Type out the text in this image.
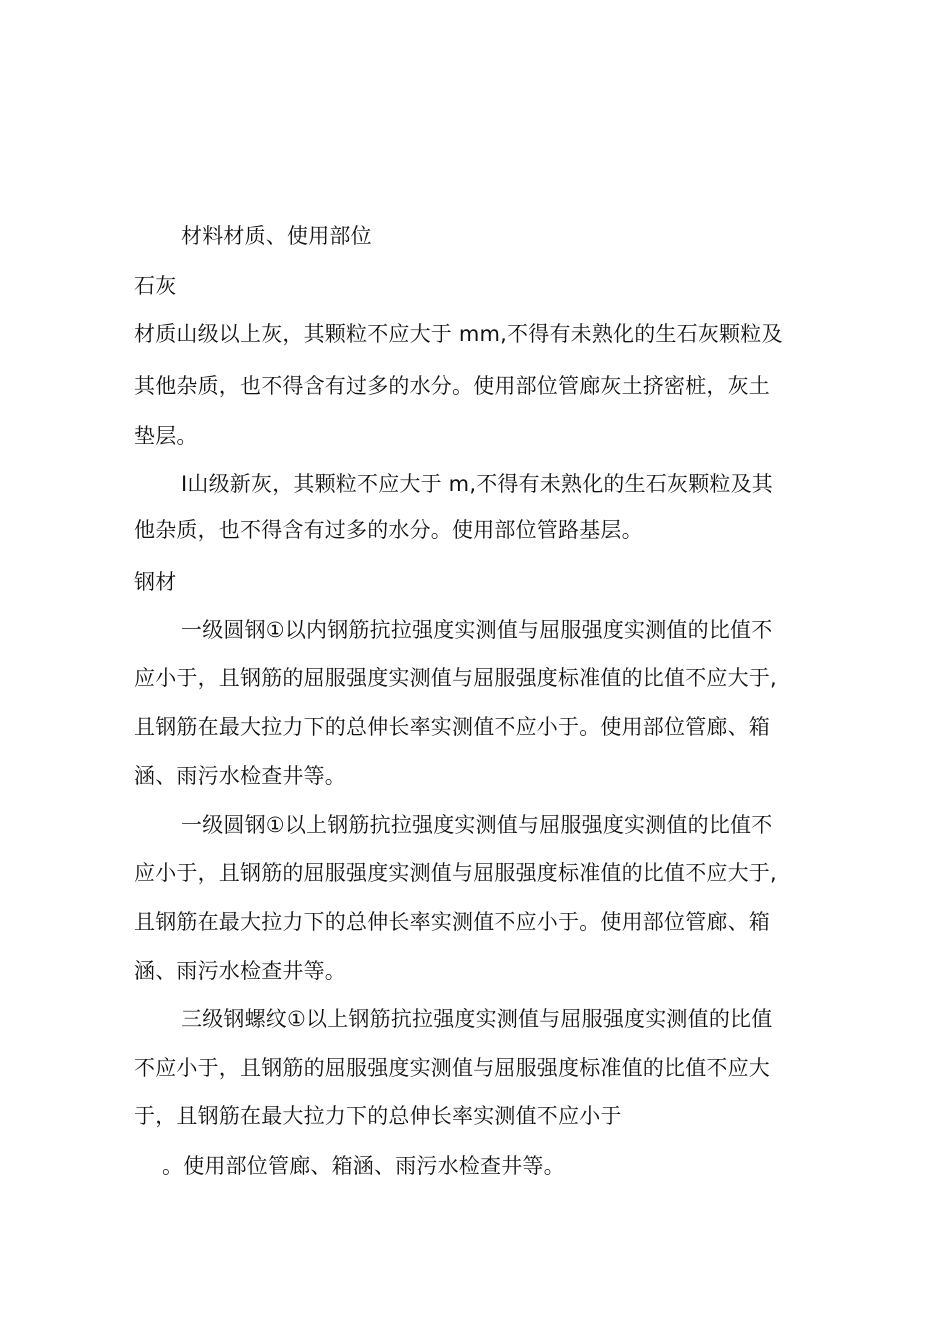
材料材质、使用部位
石灰
材质山级以上灰，其颗粒不应大于 mm,不得有未熟化的生石灰颗粒及
其他杂质，也不得含有过多的水分。使用部位管廊灰土挤密桩，灰土
垫层。
Ⅰ山级新灰，其颗粒不应大于 m,不得有未熟化的生石灰颗粒及其
他杂质，也不得含有过多的水分。使用部位管路基层。
钢材
一级圆钢①以内钢筋抗拉强度实测值与屈服强度实测值的比值不
应小于，且钢筋的屈服强度实测值与屈服强度标准值的比值不应大于,
且钢筋在最大拉力下的总伸长率实测值不应小于。使用部位管廊、箱
涵、雨污水检查井等。
一级圆钢①以上钢筋抗拉强度实测值与屈服强度实测值的比值不
应小于，且钢筋的屈服强度实测值与屈服强度标准值的比值不应大于,
且钢筋在最大拉力下的总伸长率实测值不应小于。使用部位管廊、箱
涵、雨污水检查井等。
三级钢螺纹①以上钢筋抗拉强度实测值与屈服强度实测值的比值
不应小于，且钢筋的屈服强度实测值与屈服强度标准值的比值不应大
于，且钢筋在最大拉力下的总伸长率实测值不应小于
。使用部位管廊、箱涵、雨污水检查井等。
